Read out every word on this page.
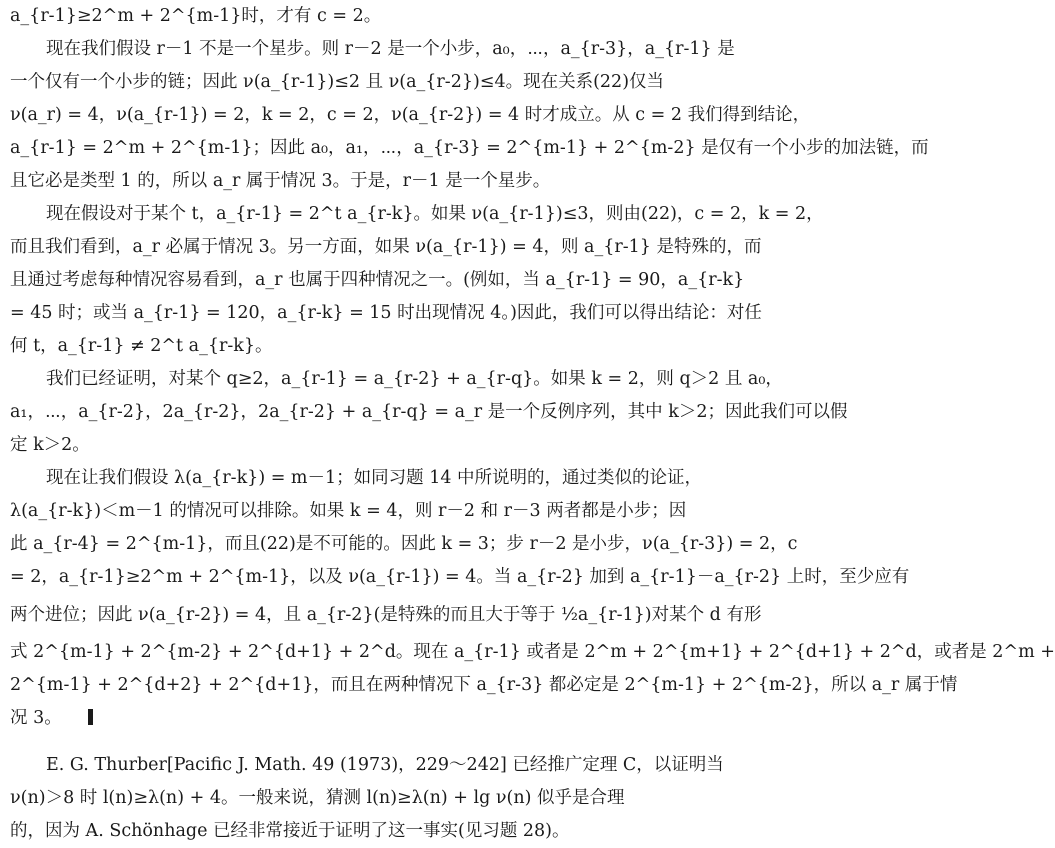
a_{r-1}≥2^m + 2^{m-1}时，才有 c = 2。
现在我们假设 r－1 不是一个星步。则 r－2 是一个小步，a₀，⋯，a_{r-3}，a_{r-1} 是
一个仅有一个小步的链；因此 ν(a_{r-1})≤2 且 ν(a_{r-2})≤4。现在关系(22)仅当
ν(a_r) = 4，ν(a_{r-1}) = 2，k = 2，c = 2，ν(a_{r-2}) = 4 时才成立。从 c = 2 我们得到结论，
a_{r-1} = 2^m + 2^{m-1}；因此 a₀，a₁，⋯，a_{r-3} = 2^{m-1} + 2^{m-2} 是仅有一个小步的加法链，而
且它必是类型 1 的，所以 a_r 属于情况 3。于是，r－1 是一个星步。
现在假设对于某个 t，a_{r-1} = 2^t a_{r-k}。如果 ν(a_{r-1})≤3，则由(22)，c = 2，k = 2，
而且我们看到，a_r 必属于情况 3。另一方面，如果 ν(a_{r-1}) = 4，则 a_{r-1} 是特殊的，而
且通过考虑每种情况容易看到，a_r 也属于四种情况之一。(例如，当 a_{r-1} = 90，a_{r-k}
= 45 时；或当 a_{r-1} = 120，a_{r-k} = 15 时出现情况 4。)因此，我们可以得出结论：对任
何 t，a_{r-1} ≠ 2^t a_{r-k}。
我们已经证明，对某个 q≥2，a_{r-1} = a_{r-2} + a_{r-q}。如果 k = 2，则 q＞2 且 a₀，
a₁，⋯，a_{r-2}，2a_{r-2}，2a_{r-2} + a_{r-q} = a_r 是一个反例序列，其中 k＞2；因此我们可以假
定 k＞2。
现在让我们假设 λ(a_{r-k}) = m－1；如同习题 14 中所说明的，通过类似的论证，
λ(a_{r-k})＜m－1 的情况可以排除。如果 k = 4，则 r－2 和 r－3 两者都是小步；因
此 a_{r-4} = 2^{m-1}，而且(22)是不可能的。因此 k = 3；步 r－2 是小步，ν(a_{r-3}) = 2，c
= 2，a_{r-1}≥2^m + 2^{m-1}，以及 ν(a_{r-1}) = 4。当 a_{r-2} 加到 a_{r-1}－a_{r-2} 上时，至少应有
两个进位；因此 ν(a_{r-2}) = 4，且 a_{r-2}(是特殊的而且大于等于 ½a_{r-1})对某个 d 有形
式 2^{m-1} + 2^{m-2} + 2^{d+1} + 2^d。现在 a_{r-1} 或者是 2^m + 2^{m+1} + 2^{d+1} + 2^d，或者是 2^m +
2^{m-1} + 2^{d+2} + 2^{d+1}，而且在两种情况下 a_{r-3} 都必定是 2^{m-1} + 2^{m-2}，所以 a_r 属于情
况 3。
E. G. Thurber[Pacific J. Math. 49 (1973)，229～242] 已经推广定理 C，以证明当
ν(n)＞8 时 l(n)≥λ(n) + 4。一般来说，猜测 l(n)≥λ(n) + lg ν(n) 似乎是合理
的，因为 A. Schönhage 已经非常接近于证明了这一事实(见习题 28)。
